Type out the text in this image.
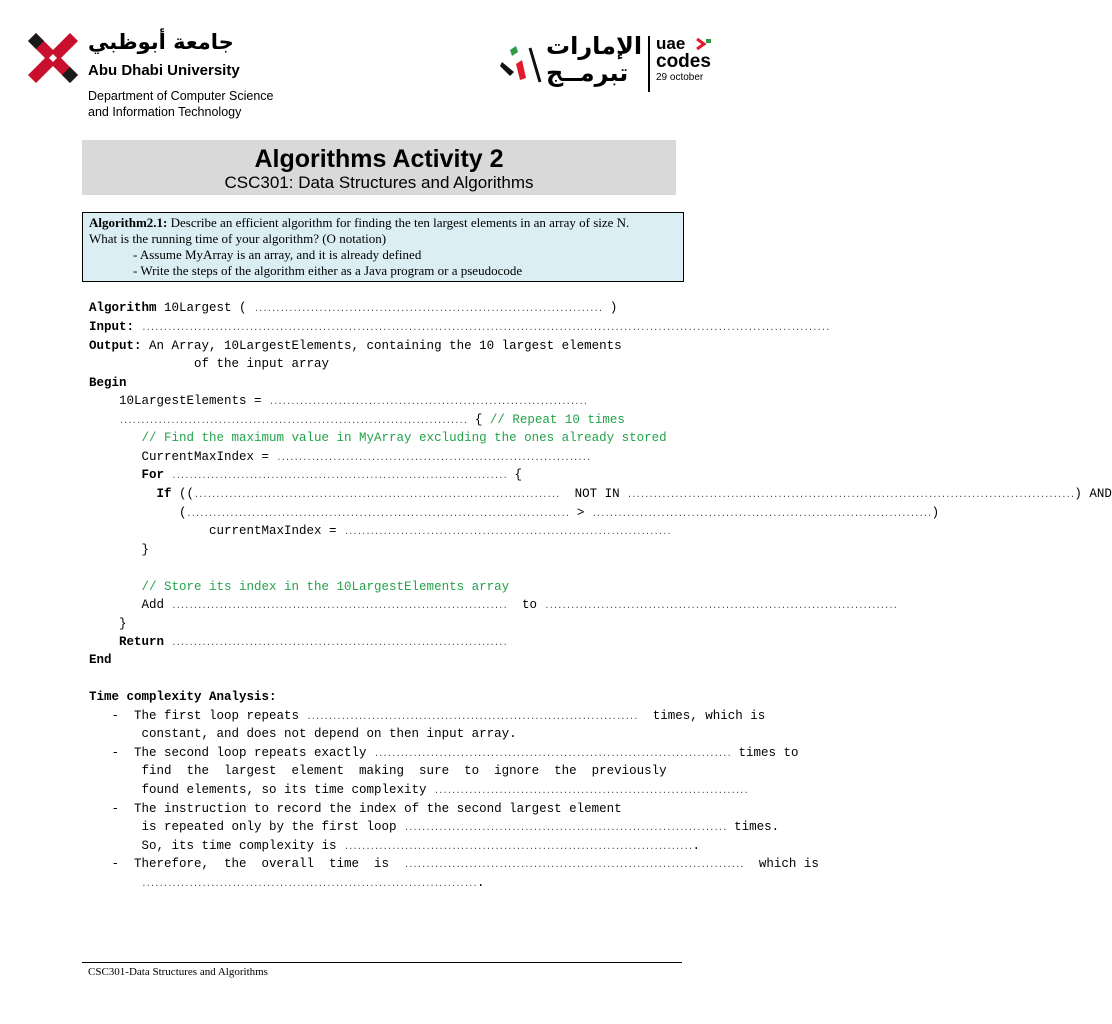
جامعة أبوظبي
Abu Dhabi University
Department of Computer Science
and Information Technology
الإمارات
تبرمــج
uae
codes
29 october
Algorithms Activity 2
CSC301: Data Structures and Algorithms
Algorithm2.1: Describe an efficient algorithm for finding the ten largest elements in an array of size N.
What is the running time of your algorithm? (O notation)
- Assume MyArray is an array, and it is already defined
- Write the steps of the algorithm either as a Java program or a pseudocode
Algorithm 10Largest ( ................................................................................. )
Input: ................................................................................................................................................................
Output: An Array, 10LargestElements, containing the 10 largest elements
of the input array
Begin
10LargestElements = ..........................................................................
................................................................................. { // Repeat 10 times
// Find the maximum value in MyArray excluding the ones already stored
CurrentMaxIndex = .........................................................................
For .............................................................................. {
If ((.....................................................................................  NOT IN ........................................................................................................) AND
(......................................................................................... > ...............................................................................)
currentMaxIndex = ............................................................................
}
// Store its index in the 10LargestElements array
Add ..............................................................................  to ..................................................................................
}
Return ..............................................................................
End
Time complexity Analysis:
-  The first loop repeats .............................................................................  times, which is
constant, and does not depend on then input array.
-  The second loop repeats exactly ................................................................................... times to
find  the  largest  element  making  sure  to  ignore  the  previously
found elements, so its time complexity .........................................................................
-  The instruction to record the index of the second largest element
is repeated only by the first loop ........................................................................... times.
So, its time complexity is ..................................................................................
-  Therefore,  the  overall  time  is  ...............................................................................  which is
...............................................................................
CSC301-Data Structures and Algorithms
